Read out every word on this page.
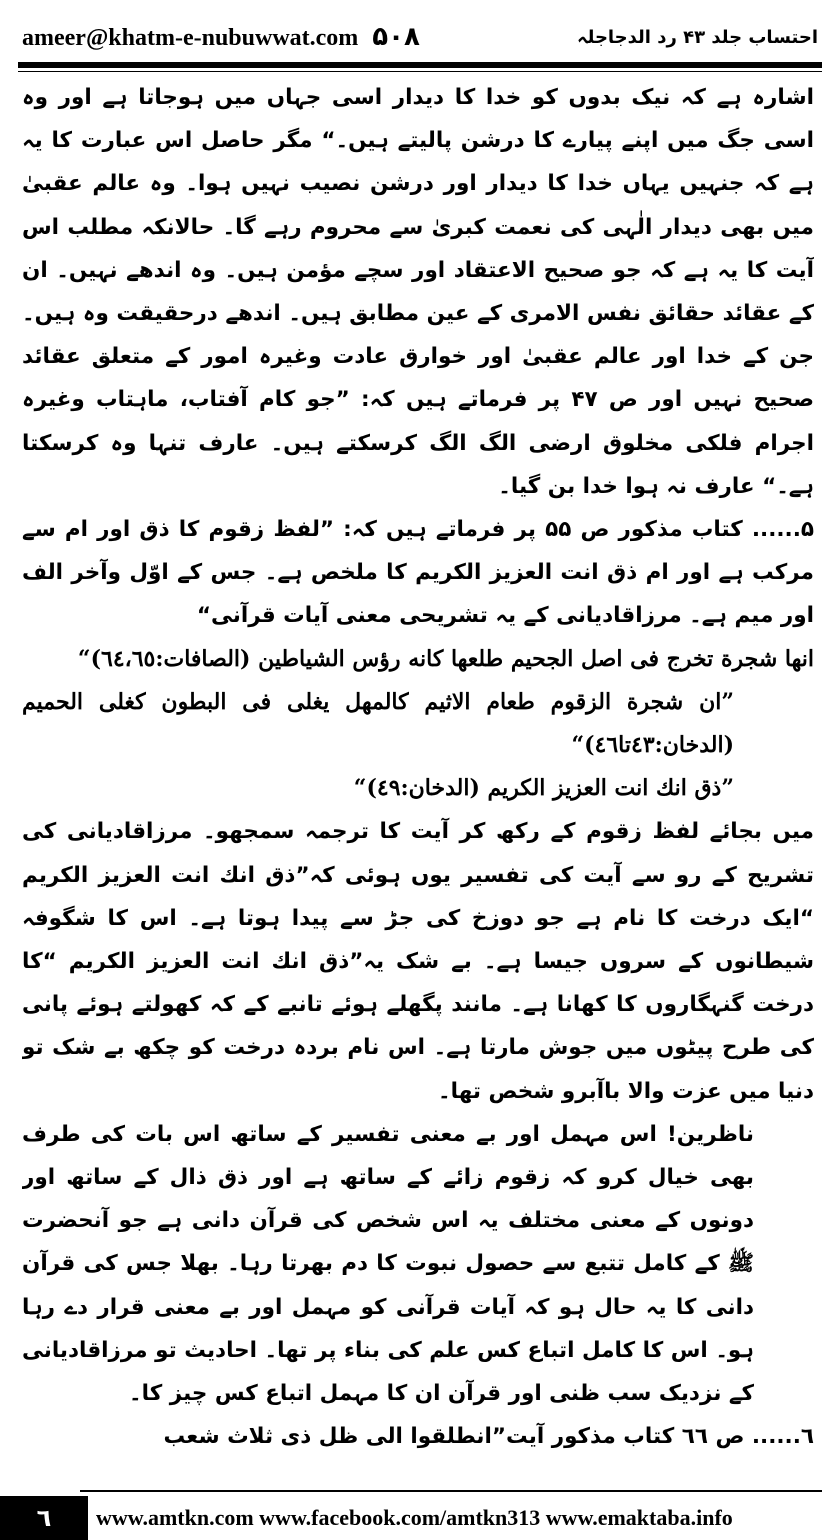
ameer@khatm-e-nubuwwat.com ۵۰۸	احتساب جلد ۴۳ رد الدجاجلہ

اشارہ ہے کہ نیک بدوں کو خدا کا دیدار اسی جہاں میں ہوجاتا ہے اور وہ اسی جگ میں اپنے پیارے کا درشن پالیتے ہیں۔“ مگر حاصل اس عبارت کا یہ ہے کہ جنہیں یہاں خدا کا دیدار اور درشن نصیب نہیں ہوا۔ وہ عالم عقبیٰ میں بھی دیدار الٰہی کی نعمت کبریٰ سے محروم رہے گا۔ حالانکہ مطلب اس آیت کا یہ ہے کہ جو صحیح الاعتقاد اور سچے مؤمن ہیں۔ وہ اندھے نہیں۔ ان کے عقائد حقائق نفس الامری کے عین مطابق ہیں۔ اندھے درحقیقت وہ ہیں۔ جن کے خدا اور عالم عقبیٰ اور خوارق عادت وغیرہ امور کے متعلق عقائد صحیح نہیں اور ص ۴۷ پر فرماتے ہیں کہ: ”جو کام آفتاب، ماہتاب وغیرہ اجرام فلکی مخلوق ارضی الگ الگ کرسکتے ہیں۔ عارف تنہا وہ کرسکتا ہے۔“ عارف نہ ہوا خدا بن گیا۔

۵...... کتاب مذکور ص ۵۵ پر فرماتے ہیں کہ: ”لفظ زقوم کا ذق اور ام سے مرکب ہے اور ام ذق انت العزیز الکریم کا ملخص ہے۔ جس کے اوّل وآخر الف اور میم ہے۔ مرزاقادیانی کے یہ تشریحی معنی آیات قرآنی“

انھا شجرة تخرج فی اصل الجحیم طلعها کانه رؤس الشیاطین (الصافات:٦٤،٦٥)“

”ان شجرة الزقوم طعام الاثیم کالمھل یغلی فی البطون کغلی الحمیم (الدخان:٤٣تا٤٦)“

”ذق انك انت العزیز الکریم (الدخان:٤٩)“

میں بجائے لفظ زقوم کے رکھ کر آیت کا ترجمہ سمجھو۔ مرزاقادیانی کی تشریح کے رو سے آیت کی تفسیر یوں ہوئی کہ”ذق انك انت العزیز الکریم “ایک درخت کا نام ہے جو دوزخ کی جڑ سے پیدا ہوتا ہے۔ اس کا شگوفہ شیطانوں کے سروں جیسا ہے۔ بے شک یہ”ذق انك انت العزیز الکریم “کا درخت گنہگاروں کا کھانا ہے۔ مانند پگھلے ہوئے تانبے کے کہ کھولتے ہوئے پانی کی طرح پیٹوں میں جوش مارتا ہے۔ اس نام بردہ درخت کو چکھ بے شک تو دنیا میں عزت والا باآبرو شخص تھا۔

ناظرین! اس مہمل اور بے معنی تفسیر کے ساتھ اس بات کی طرف بھی خیال کرو کہ زقوم زائے کے ساتھ ہے اور ذق ذال کے ساتھ اور دونوں کے معنی مختلف یہ اس شخص کی قرآن دانی ہے جو آنحضرت ﷺ کے کامل تتبع سے حصول نبوت کا دم بھرتا رہا۔ بھلا جس کی قرآن دانی کا یہ حال ہو کہ آیات قرآنی کو مہمل اور بے معنی قرار دے رہا ہو۔ اس کا کامل اتباع کس علم کی بناء پر تھا۔ احادیث تو مرزاقادیانی کے نزدیک سب ظنی اور قرآن ان کا مہمل اتباع کس چیز کا۔

٦...... ص ٦٦ کتاب مذکور آیت”انطلقوا الی ظل ذی ثلاث شعب

٦	www.amtkn.com www.facebook.com/amtkn313 www.emaktaba.info
